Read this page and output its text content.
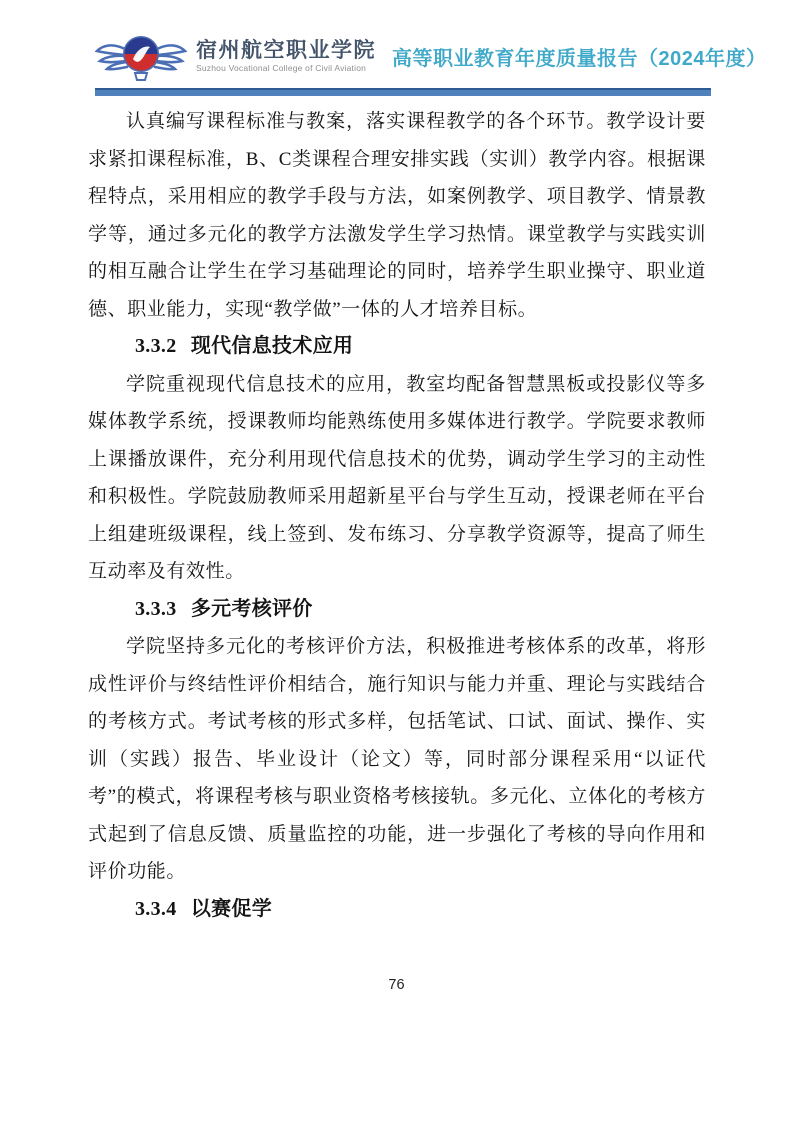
宿州航空职业学院
Suzhou Vocational College of Civil Aviation	高等职业教育年度质量报告（2024年度）

认真编写课程标准与教案，落实课程教学的各个环节。教学设计要求紧扣课程标准，B、C类课程合理安排实践（实训）教学内容。根据课程特点，采用相应的教学手段与方法，如案例教学、项目教学、情景教学等，通过多元化的教学方法激发学生学习热情。课堂教学与实践实训的相互融合让学生在学习基础理论的同时，培养学生职业操守、职业道德、职业能力，实现“教学做”一体的人才培养目标。

3.3.2 现代信息技术应用

学院重视现代信息技术的应用，教室均配备智慧黑板或投影仪等多媒体教学系统，授课教师均能熟练使用多媒体进行教学。学院要求教师上课播放课件，充分利用现代信息技术的优势，调动学生学习的主动性和积极性。学院鼓励教师采用超新星平台与学生互动，授课老师在平台上组建班级课程，线上签到、发布练习、分享教学资源等，提高了师生互动率及有效性。

3.3.3 多元考核评价

学院坚持多元化的考核评价方法，积极推进考核体系的改革，将形成性评价与终结性评价相结合，施行知识与能力并重、理论与实践结合的考核方式。考试考核的形式多样，包括笔试、口试、面试、操作、实训（实践）报告、毕业设计（论文）等，同时部分课程采用“以证代考”的模式，将课程考核与职业资格考核接轨。多元化、立体化的考核方式起到了信息反馈、质量监控的功能，进一步强化了考核的导向作用和评价功能。

3.3.4 以赛促学
76
